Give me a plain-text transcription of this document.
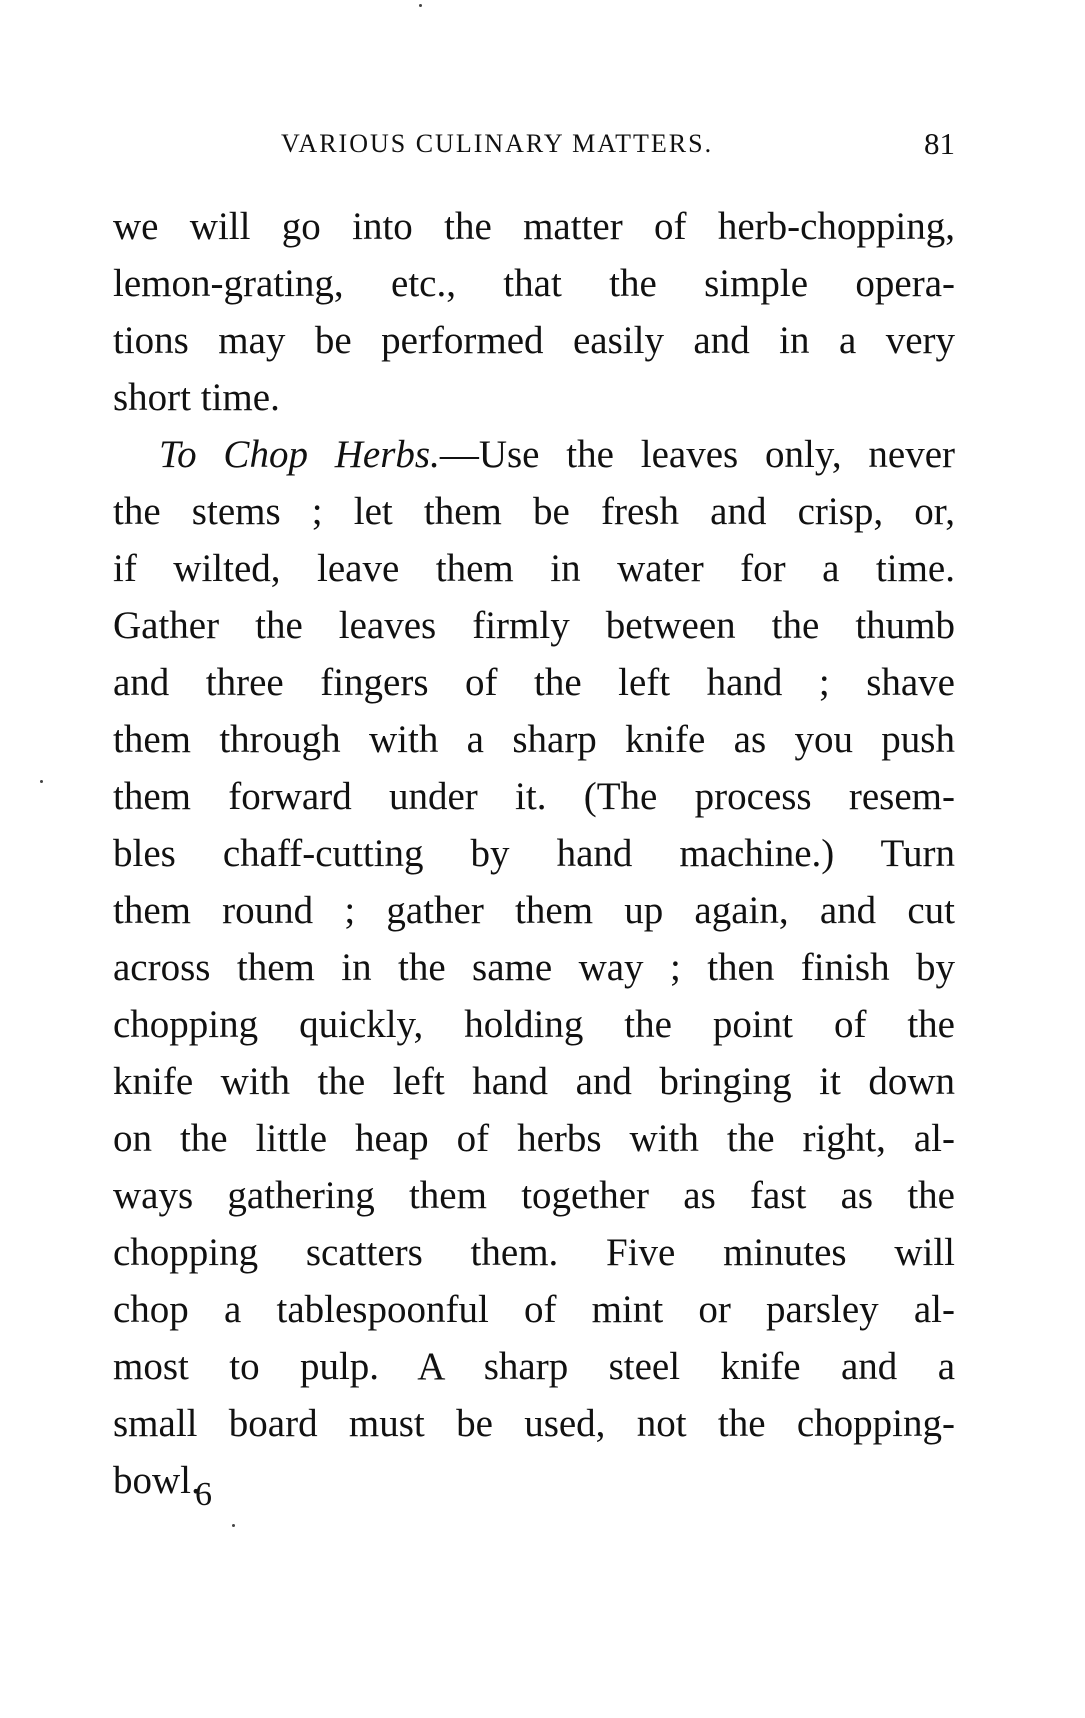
VARIOUS CULINARY MATTERS.	81
we will go into the matter of herb-chopping,
lemon-grating, etc., that the simple opera-
tions may be performed easily and in a very
short time.
To Chop Herbs.—Use the leaves only, never
the stems ; let them be fresh and crisp, or,
if wilted, leave them in water for a time.
Gather the leaves firmly between the thumb
and three fingers of the left hand ; shave
them through with a sharp knife as you push
them forward under it. (The process resem-
bles chaff-cutting by hand machine.) Turn
them round ; gather them up again, and cut
across them in the same way ; then finish by
chopping quickly, holding the point of the
knife with the left hand and bringing it down
on the little heap of herbs with the right, al-
ways gathering them together as fast as the
chopping scatters them. Five minutes will
chop a tablespoonful of mint or parsley al-
most to pulp. A sharp steel knife and a
small board must be used, not the chopping-
bowl.
6
